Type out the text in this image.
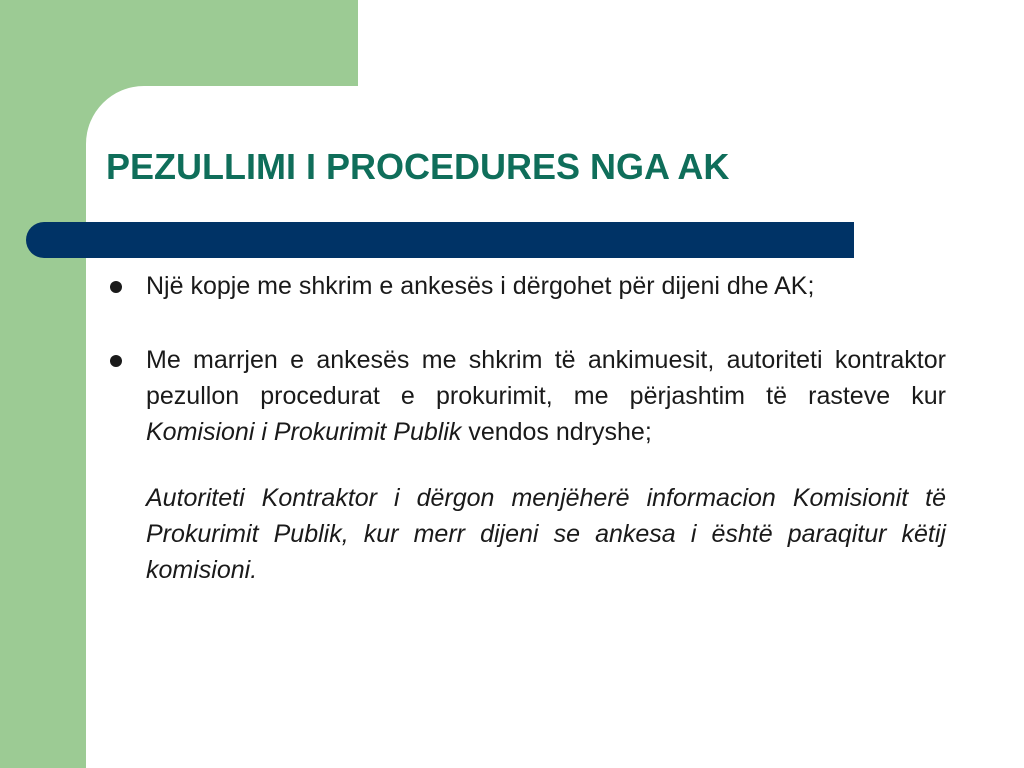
PEZULLIMI I PROCEDURES NGA AK
Një kopje me shkrim e ankesës i dërgohet për dijeni dhe AK;
Me marrjen e ankesës me shkrim të ankimuesit, autoriteti kontraktor pezullon procedurat e prokurimit, me përjashtim të rasteve kur Komisioni i Prokurimit Publik vendos ndryshe;
Autoriteti Kontraktor i dërgon menjëherë informacion Komisionit të Prokurimit Publik, kur merr dijeni se ankesa i është paraqitur këtij komisioni.
